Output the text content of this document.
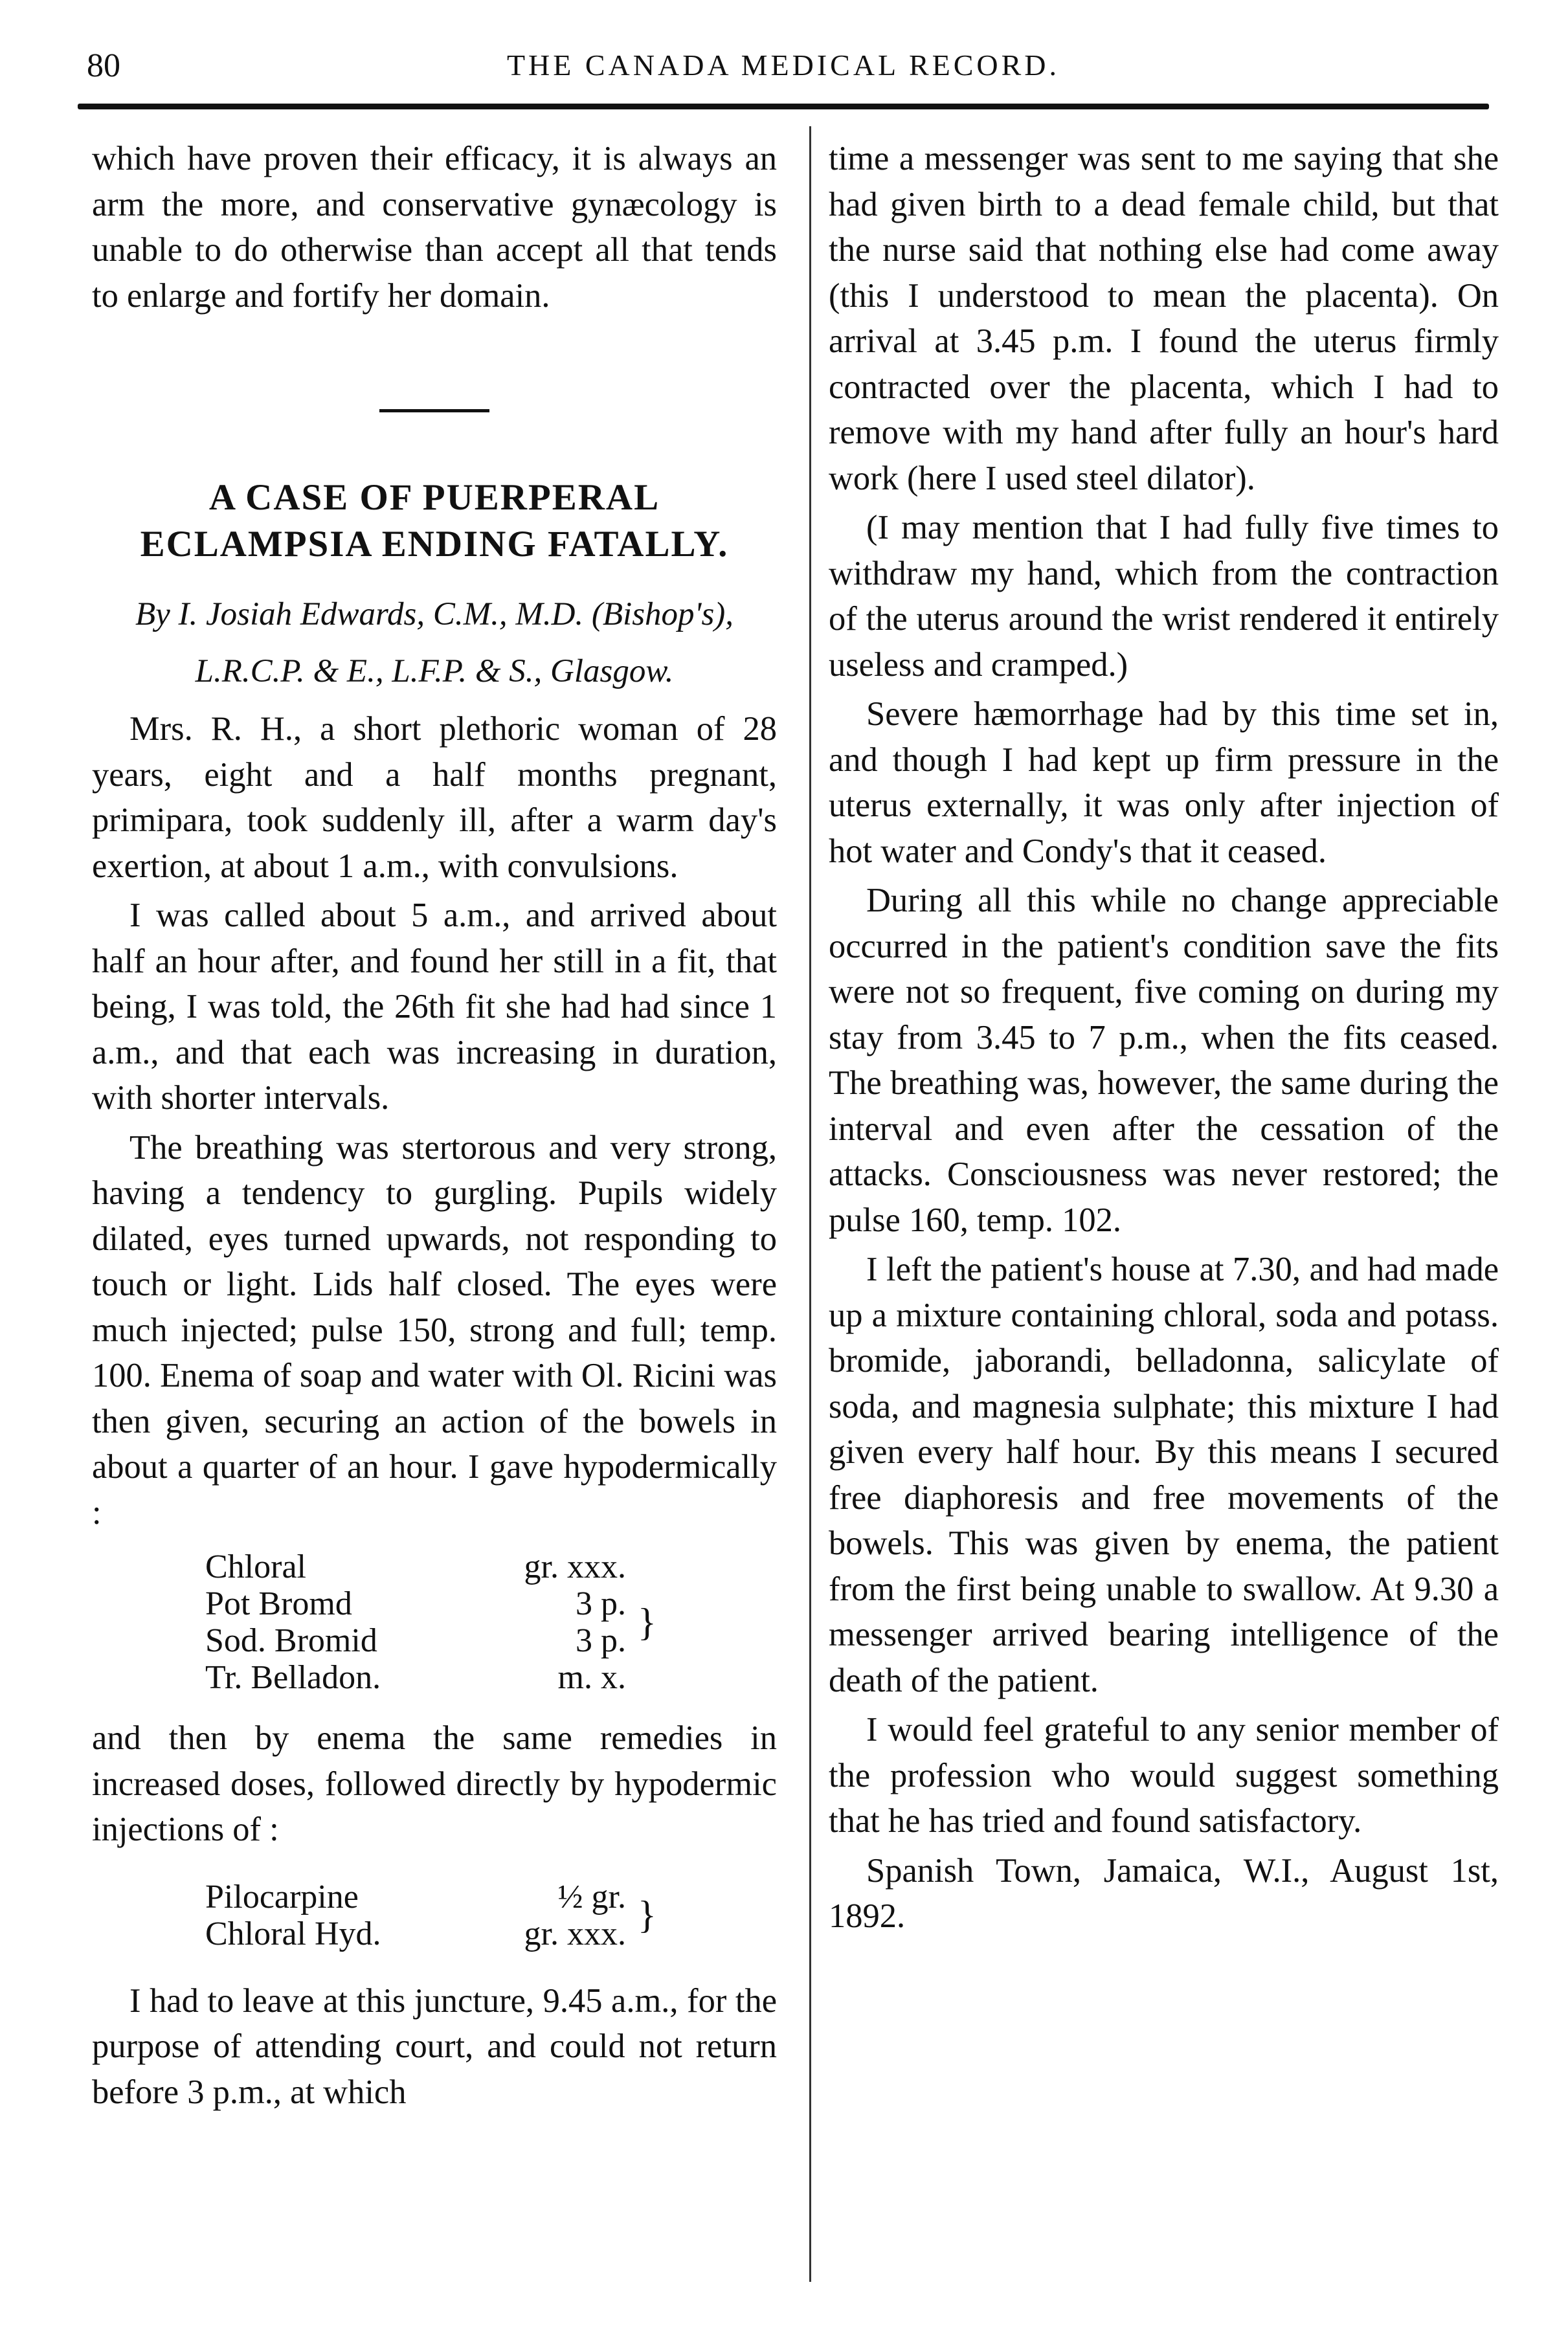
80	THE CANADA MEDICAL RECORD.

which have proven their efficacy, it is always an arm the more, and conservative gynæcology is unable to do otherwise than accept all that tends to enlarge and fortify her domain.

A CASE OF PUERPERAL ECLAMPSIA ENDING FATALLY.
By I. Josiah Edwards, C.M., M.D. (Bishop's),
L.R.C.P. & E., L.F.P. & S., Glasgow.

Mrs. R. H., a short plethoric woman of 28 years, eight and a half months pregnant, primipara, took suddenly ill, after a warm day's exertion, at about 1 a.m., with convulsions.

I was called about 5 a.m., and arrived about half an hour after, and found her still in a fit, that being, I was told, the 26th fit she had had since 1 a.m., and that each was increasing in duration, with shorter intervals.

The breathing was stertorous and very strong, having a tendency to gurgling. Pupils widely dilated, eyes turned upwards, not responding to touch or light. Lids half closed. The eyes were much injected; pulse 150, strong and full; temp. 100. Enema of soap and water with Ol. Ricini was then given, securing an action of the bowels in about a quarter of an hour. I gave hypodermically :

Chloral	gr. xxx.	}
Pot Bromd	3 p.	
Sod. Bromid	3 p.	
Tr. Belladon.	m. x.	

and then by enema the same remedies in increased doses, followed directly by hypodermic injections of :

Pilocarpine	½ gr.	}
Chloral Hyd.	gr. xxx.	

I had to leave at this juncture, 9.45 a.m., for the purpose of attending court, and could not return before 3 p.m., at which

time a messenger was sent to me saying that she had given birth to a dead female child, but that the nurse said that nothing else had come away (this I understood to mean the placenta). On arrival at 3.45 p.m. I found the uterus firmly contracted over the placenta, which I had to remove with my hand after fully an hour's hard work (here I used steel dilator).

(I may mention that I had fully five times to withdraw my hand, which from the contraction of the uterus around the wrist rendered it entirely useless and cramped.)

Severe hæmorrhage had by this time set in, and though I had kept up firm pressure in the uterus externally, it was only after injection of hot water and Condy's that it ceased.

During all this while no change appreciable occurred in the patient's condition save the fits were not so frequent, five coming on during my stay from 3.45 to 7 p.m., when the fits ceased. The breathing was, however, the same during the interval and even after the cessation of the attacks. Consciousness was never restored; the pulse 160, temp. 102.

I left the patient's house at 7.30, and had made up a mixture containing chloral, soda and potass. bromide, jaborandi, belladonna, salicylate of soda, and magnesia sulphate; this mixture I had given every half hour. By this means I secured free diaphoresis and free movements of the bowels. This was given by enema, the patient from the first being unable to swallow. At 9.30 a messenger arrived bearing intelligence of the death of the patient.

I would feel grateful to any senior member of the profession who would suggest something that he has tried and found satisfactory.

Spanish Town, Jamaica, W.I., August 1st, 1892.
